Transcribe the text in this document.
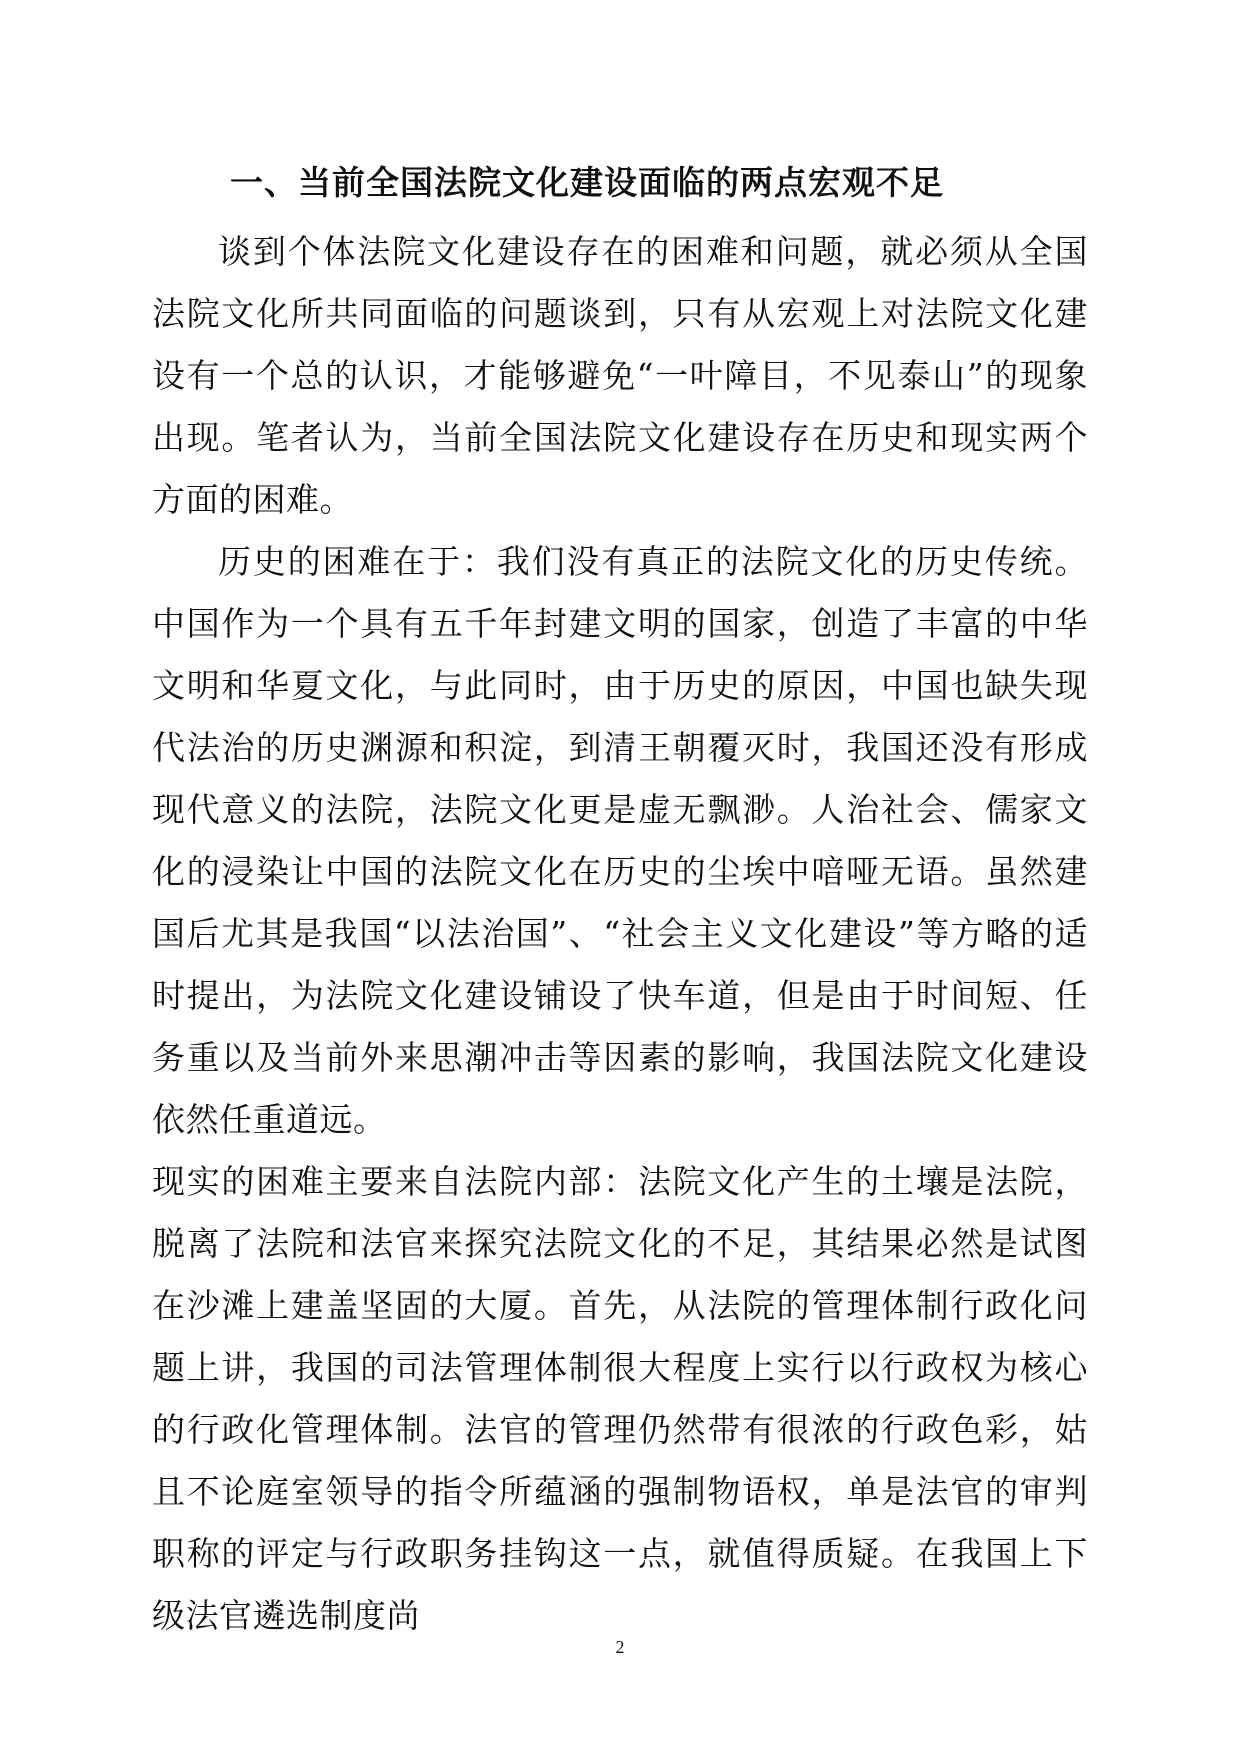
一、当前全国法院文化建设面临的两点宏观不足

谈到个体法院文化建设存在的困难和问题，就必须从全国法院文化所共同面临的问题谈到，只有从宏观上对法院文化建设有一个总的认识，才能够避免“一叶障目，不见泰山”的现象出现。笔者认为，当前全国法院文化建设存在历史和现实两个方面的困难。

历史的困难在于：我们没有真正的法院文化的历史传统。中国作为一个具有五千年封建文明的国家，创造了丰富的中华文明和华夏文化，与此同时，由于历史的原因，中国也缺失现代法治的历史渊源和积淀，到清王朝覆灭时，我国还没有形成现代意义的法院，法院文化更是虚无飘渺。人治社会、儒家文化的浸染让中国的法院文化在历史的尘埃中喑哑无语。虽然建国后尤其是我国“以法治国”、“社会主义文化建设”等方略的适时提出，为法院文化建设铺设了快车道，但是由于时间短、任务重以及当前外来思潮冲击等因素的影响，我国法院文化建设依然任重道远。

现实的困难主要来自法院内部：法院文化产生的土壤是法院，脱离了法院和法官来探究法院文化的不足，其结果必然是试图在沙滩上建盖坚固的大厦。首先，从法院的管理体制行政化问题上讲，我国的司法管理体制很大程度上实行以行政权为核心的行政化管理体制。法官的管理仍然带有很浓的行政色彩，姑且不论庭室领导的指令所蕴涵的强制物语权，单是法官的审判职称的评定与行政职务挂钩这一点，就值得质疑。在我国上下级法官遴选制度尚

2
